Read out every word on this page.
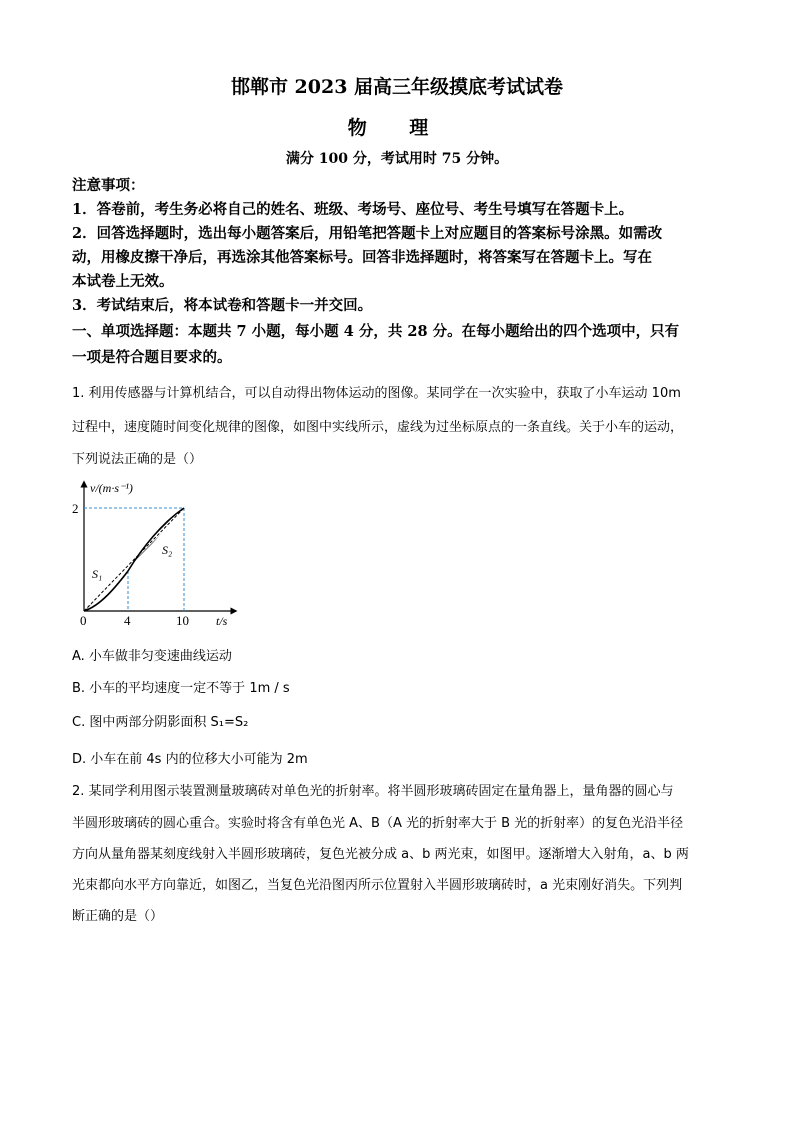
邯郸市 2023 届高三年级摸底考试试卷
物 理
满分 100 分，考试用时 75 分钟。
注意事项：
1．答卷前，考生务必将自己的姓名、班级、考场号、座位号、考生号填写在答题卡上。
2．回答选择题时，选出每小题答案后，用铅笔把答题卡上对应题目的答案标号涂黑。如需改
动，用橡皮擦干净后，再选涂其他答案标号。回答非选择题时，将答案写在答题卡上。写在
本试卷上无效。
3．考试结束后，将本试卷和答题卡一并交回。
一、单项选择题：本题共 7 小题，每小题 4 分，共 28 分。在每小题给出的四个选项中，只有
一项是符合题目要求的。
1. 利用传感器与计算机结合，可以自动得出物体运动的图像。某同学在一次实验中，获取了小车运动 10m
过程中，速度随时间变化规律的图像，如图中实线所示，虚线为过坐标原点的一条直线。关于小车的运动，
下列说法正确的是（）
v/(m·s⁻¹)
2
0	4	10 t/s
S₁
S₂
A. 小车做非匀变速曲线运动
B. 小车的平均速度一定不等于 1m / s
C. 图中两部分阴影面积 S₁=S₂
D. 小车在前 4s 内的位移大小可能为 2m
2. 某同学利用图示装置测量玻璃砖对单色光的折射率。将半圆形玻璃砖固定在量角器上，量角器的圆心与
半圆形玻璃砖的圆心重合。实验时将含有单色光 A、B（A 光的折射率大于 B 光的折射率）的复色光沿半径
方向从量角器某刻度线射入半圆形玻璃砖，复色光被分成 a、b 两光束，如图甲。逐渐增大入射角，a、b 两
光束都向水平方向靠近，如图乙，当复色光沿图丙所示位置射入半圆形玻璃砖时，a 光束刚好消失。下列判
断正确的是（）
